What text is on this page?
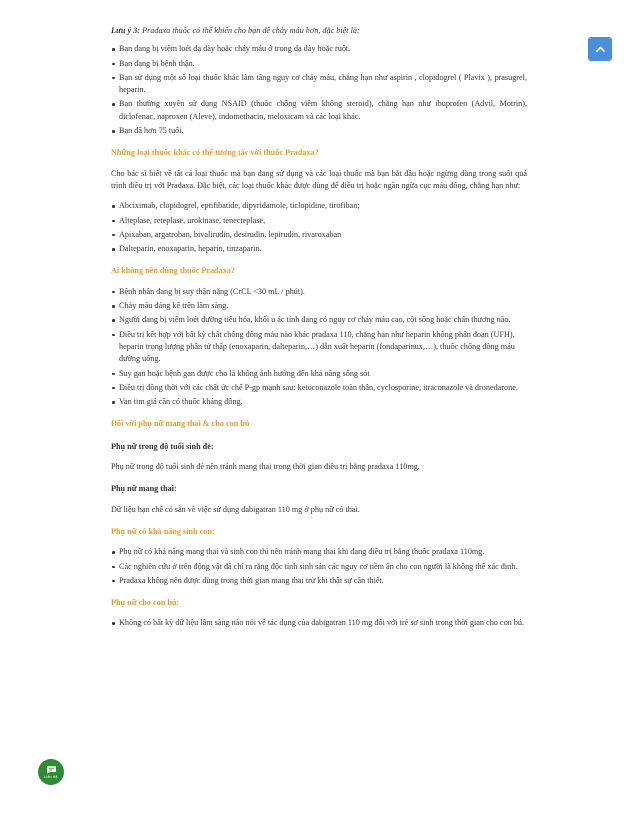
Lưu ý 3: Pradaxa thuốc có thể khiến cho bạn dễ chảy máu hơn, đặc biệt là:

Bạn đang bị viêm loét dạ dày hoặc chảy máu ở trong dạ dày hoặc ruột.
Bạn đang bị bệnh thận.
Bạn sử dụng một số loại thuốc khác làm tăng nguy cơ chảy máu, chẳng hạn như aspirin , clopidogrel ( Plavix ), prasugrel, heparin.
Bạn thường xuyên sử dụng NSAID (thuốc chống viêm không steroid), chẳng hạn như ibuprofen (Advil, Motrin), diclofenac, naproxen (Aleve), indomethacin, meloxicam và các loại khác.
Bạn đã hơn 75 tuổi.

Những loại thuốc khác có thể tương tác với thuốc Pradaxa?

Cho bác sĩ biết về tất cả loại thuốc mà bạn đang sử dụng và các loại thuốc mà bạn bắt đầu hoặc ngừng dùng trong suốt quá trình điều trị với Pradaxa. Đặc biệt, các loại thuốc khác được dùng để điều trị hoặc ngăn ngừa cục máu đông, chẳng hạn như:

Abciximab, clopidogrel, eptifibatide, dipyridamole, ticlopidine, tirofiban;
Alteplase, reteplase, urokinase, tenecteplase,
Apixaban, argatroban, bivalirudin, desirudin, lepirudin, rivaroxaban
Dalteparin, enoxaparin, heparin, tinzaparin.

Ai không nên dùng thuốc Pradaxa?

Bệnh nhân đang bị suy thận nặng (CrCL <30 mL / phút).
Chảy máu đáng kể trên lâm sàng.
Người đang bị viêm loét đường tiêu hóa, khối u ác tính đang có nguy cơ chảy máu cao, cột sống hoặc chấn thương não.
Điều trị kết hợp với bất kỳ chất chống đông máu nào khác pradaxa 110, chẳng hạn như heparin không phân đoạn (UFH), heparin trọng lượng phân tử thấp (enoxaparin, dalteparin,…) dẫn xuất heparin (fondaparinux,…), thuốc chống đông máu đường uống.
Suy gan hoặc bệnh gan được cho là không ảnh hưởng đến khả năng sống sót
Điều trị đồng thời với các chất ức chế P-gp mạnh sau: ketoconazole toàn thân, cyclosporine, itraconazole và dronedarone.
Van tim giả cần có thuốc kháng đông.

Đối với phụ nữ mang thai & cho con bú

Phụ nữ trong độ tuổi sinh đẻ:

Phụ nữ trong độ tuổi sinh đẻ nên tránh mang thai trong thời gian điều trị bằng pradaxa 110mg.

Phụ nữ mang thai:

Dữ liệu hạn chế có sẵn về việc sử dụng dabigatran 110 mg ở phụ nữ có thai.

Phụ nữ có khả năng sinh con:

Phụ nữ có khả năng mang thai và sinh con thì nên tránh mang thai khi đang điều trị bằng thuốc pradaxa 110mg.
Các nghiên cứu ở trên động vật đã chỉ ra rằng độc tính sinh sản các nguy cơ tiềm ẩn cho con người là không thể xác định.
Pradaxa không nên được dùng trong thời gian mang thai trừ khi thật sự cần thiết.

Phụ nữ cho con bú:

Không có bất kỳ dữ liệu lâm sàng nào nói về tác dụng của dabigatran 110 mg đối với trẻ sơ sinh trong thời gian cho con bú.
Liên Hệ
